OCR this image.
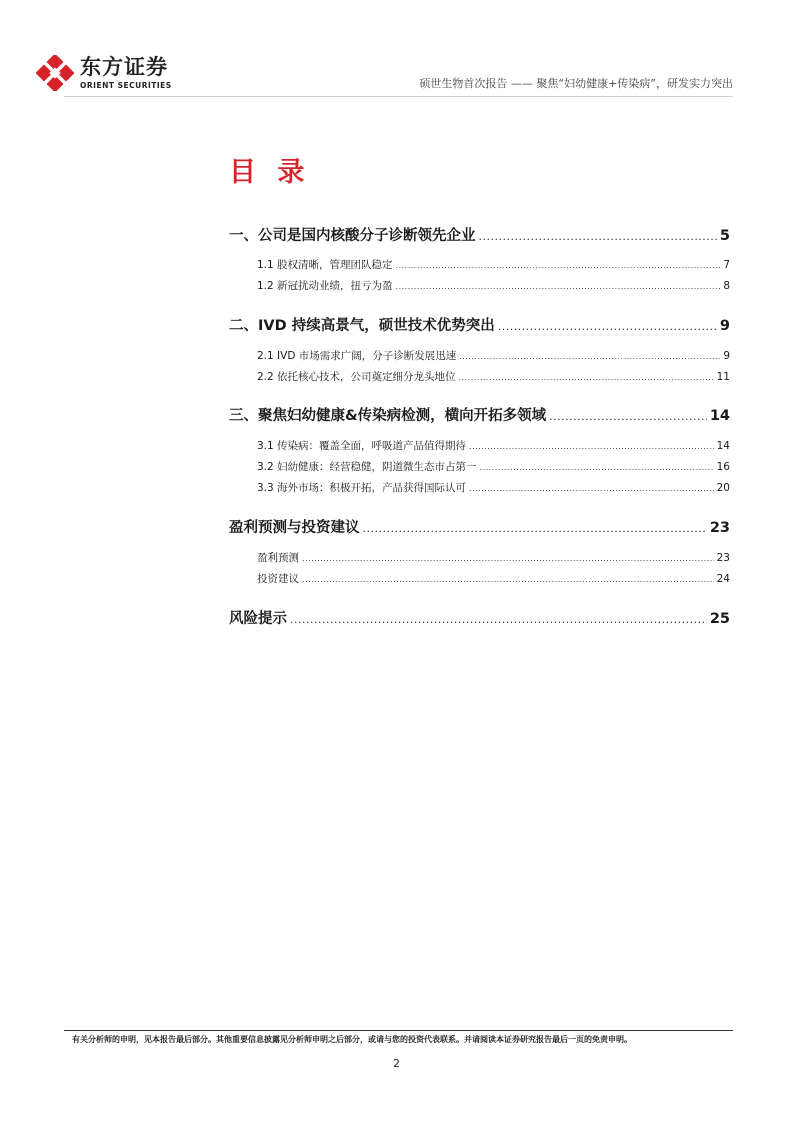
东方证券
ORIENT SECURITIES	硕世生物首次报告 —— 聚焦“妇幼健康+传染病”，研发实力突出
目 录
一、公司是国内核酸分子诊断领先企业 .....	5
1.1 股权清晰，管理团队稳定 .....	7
1.2 新冠扰动业绩，扭亏为盈 .....	8
二、IVD 持续高景气，硕世技术优势突出 .....	9
2.1 IVD 市场需求广阔，分子诊断发展迅速 .....	9
2.2 依托核心技术，公司奠定细分龙头地位 .....	11
三、聚焦妇幼健康&传染病检测，横向开拓多领域 .....	14
3.1 传染病：覆盖全面，呼吸道产品值得期待 .....	14
3.2 妇幼健康：经营稳健，阴道微生态市占第一 .....	16
3.3 海外市场：积极开拓，产品获得国际认可 .....	20
盈利预测与投资建议 .....	23
盈利预测 .....	23
投资建议 .....	24
风险提示 .....	25
有关分析师的申明，见本报告最后部分。其他重要信息披露见分析师申明之后部分，或请与您的投资代表联系。并请阅读本证券研究报告最后一页的免责申明。
2
